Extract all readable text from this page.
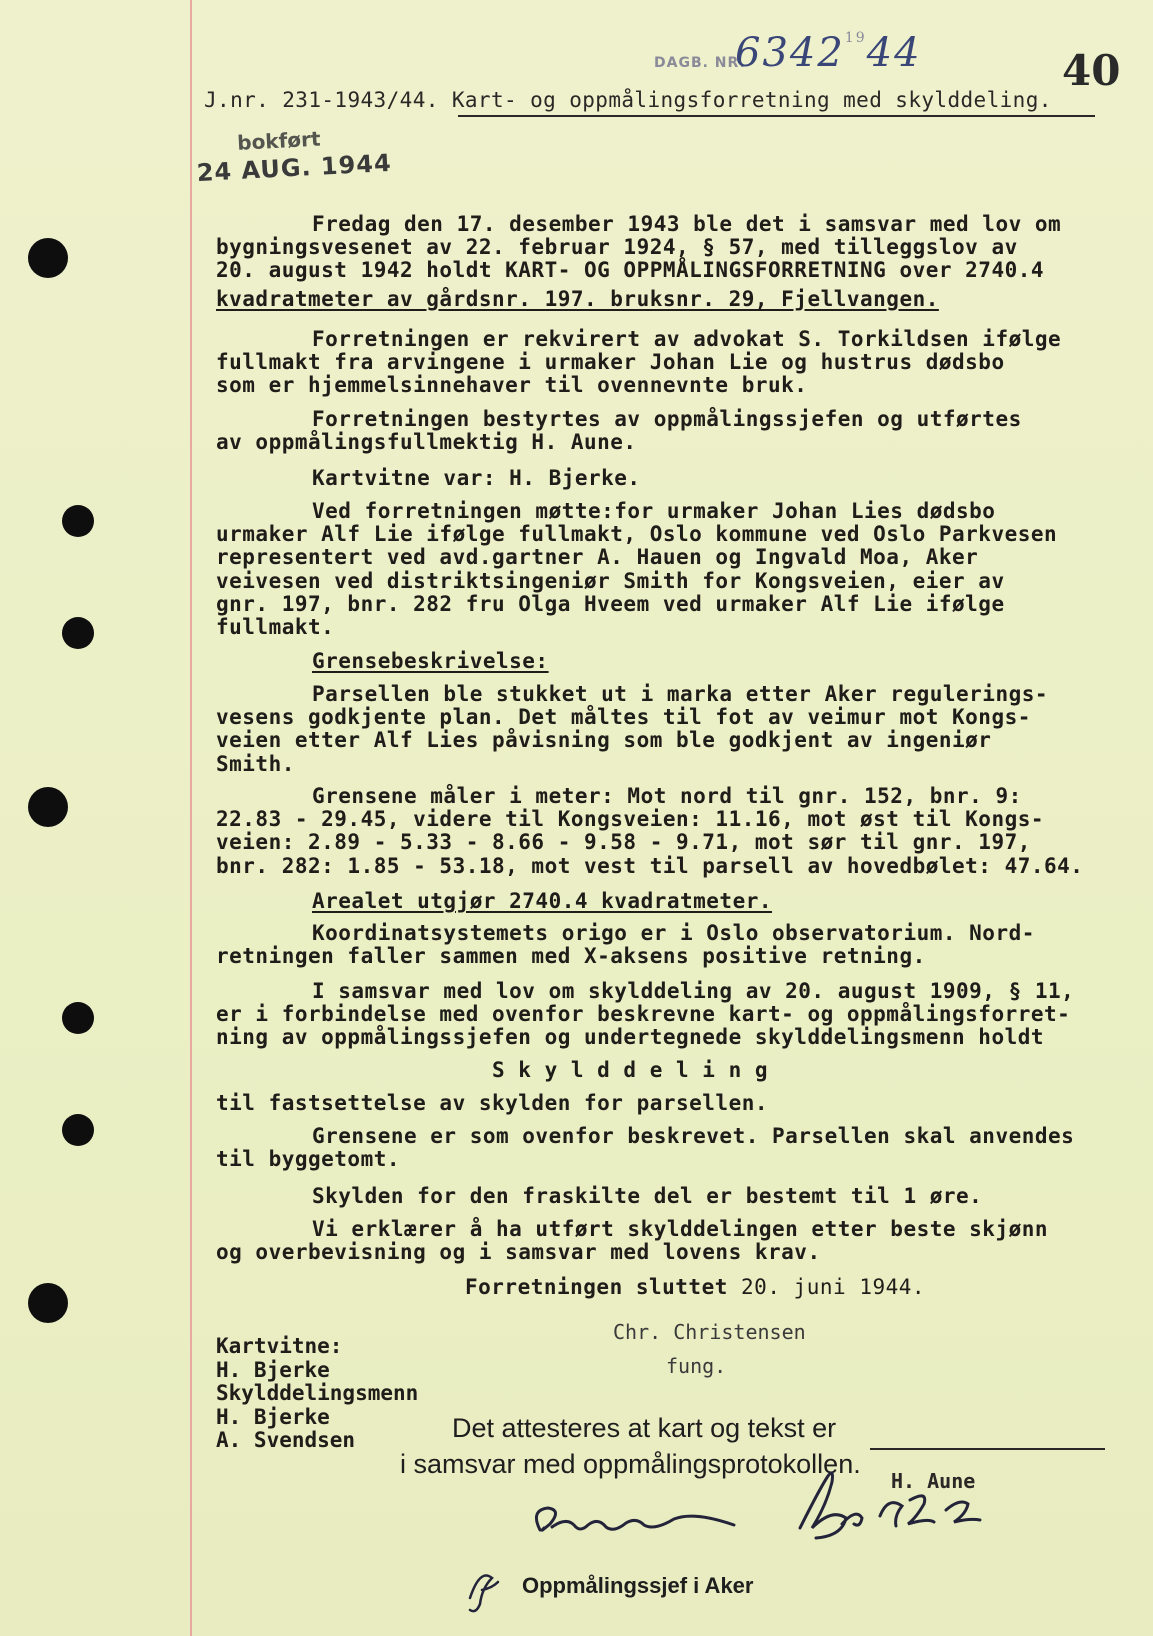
DAGB. NR.
6342$^{19}$44	40
J.nr. 231-1943/44. Kart- og oppmålingsforretning med skylddeling.
bokført
24 AUG. 1944

Fredag den 17. desember 1943 ble det i samsvar med lov om

bygningsvesenet av 22. februar 1924, § 57, med tilleggslov av

20. august 1942 holdt KART- OG OPPMÅLINGSFORRETNING over 2740.4

kvadratmeter av gårdsnr. 197. bruksnr. 29, Fjellvangen.

Forretningen er rekvirert av advokat S. Torkildsen ifølge

fullmakt fra arvingene i urmaker Johan Lie og hustrus dødsbo

som er hjemmelsinnehaver til ovennevnte bruk.

Forretningen bestyrtes av oppmålingssjefen og utførtes

av oppmålingsfullmektig H. Aune.

Kartvitne var: H. Bjerke.

Ved forretningen møtte:for urmaker Johan Lies dødsbo

urmaker Alf Lie ifølge fullmakt, Oslo kommune ved Oslo Parkvesen

representert ved avd.gartner A. Hauen og Ingvald Moa, Aker

veivesen ved distriktsingeniør Smith for Kongsveien, eier av

gnr. 197, bnr. 282 fru Olga Hveem ved urmaker Alf Lie ifølge

fullmakt.

Grensebeskrivelse:

Parsellen ble stukket ut i marka etter Aker regulerings-

vesens godkjente plan. Det måltes til fot av veimur mot Kongs-

veien etter Alf Lies påvisning som ble godkjent av ingeniør

Smith.

Grensene måler i meter: Mot nord til gnr. 152, bnr. 9:

22.83 - 29.45, videre til Kongsveien: 11.16, mot øst til Kongs-

veien: 2.89 - 5.33 - 8.66 - 9.58 - 9.71, mot sør til gnr. 197,

bnr. 282: 1.85 - 53.18, mot vest til parsell av hovedbølet: 47.64.

Arealet utgjør 2740.4 kvadratmeter.

Koordinatsystemets origo er i Oslo observatorium. Nord-

retningen faller sammen med X-aksens positive retning.

I samsvar med lov om skylddeling av 20. august 1909, § 11,

er i forbindelse med ovenfor beskrevne kart- og oppmålingsforret-

ning av oppmålingssjefen og undertegnede skylddelingsmenn holdt

S k y l d d e l i n g

til fastsettelse av skylden for parsellen.

Grensene er som ovenfor beskrevet. Parsellen skal anvendes

til byggetomt.

Skylden for den fraskilte del er bestemt til 1 øre.

Vi erklærer å ha utført skylddelingen etter beste skjønn

og overbevisning og i samsvar med lovens krav.

Forretningen sluttet 20. juni 1944.

Chr. Christensen
fung.
Kartvitne:
H. Bjerke
Skylddelingsmenn
H. Bjerke
A. Svendsen	Det attesteres at kart og tekst er
i samsvar med oppmålingsprotokollen.
H. Aune
Oppmålingssjef i Aker
